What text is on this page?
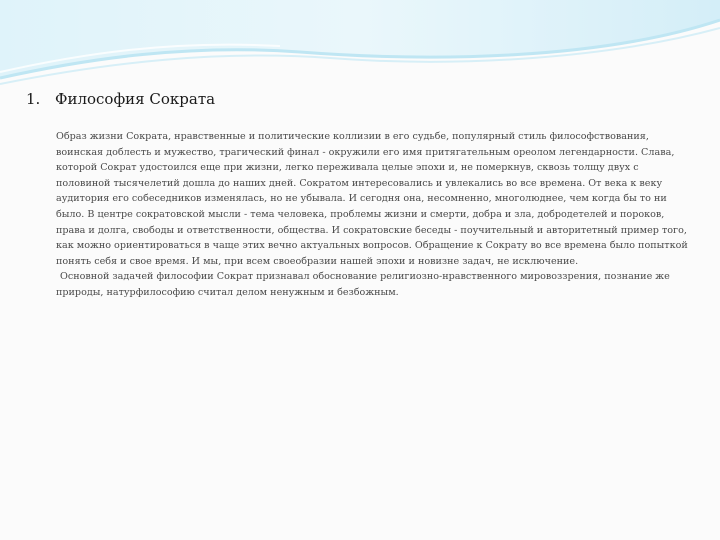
1. Философия Сократа

Образ жизни Сократа, нравственные и политические коллизии в его судьбе, популярный стиль философствования, воинская доблесть и мужество, трагический финал - окружили его имя притягательным ореолом легендарности. Слава, которой Сократ удостоился еще при жизни, легко переживала целые эпохи и, не померкнув, сквозь толщу двух с половиной тысячелетий дошла до наших дней. Сократом интересовались и увлекались во все времена. От века к веку аудитория его собеседников изменялась, но не убывала. И сегодня она, несомненно, многолюднее, чем когда бы то ни было. В центре сократовской мысли - тема человека, проблемы жизни и смерти, добра и зла, добродетелей и пороков, права и долга, свободы и ответственности, общества. И сократовские беседы - поучительный и авторитетный пример того, как можно ориентироваться в чаще этих вечно актуальных вопросов. Обращение к Сократу во все времена было попыткой понять себя и свое время. И мы, при всем своеобразии нашей эпохи и новизне задач, не исключение.

Основной задачей философии Сократ признавал обоснование религиозно-нравственного мировоззрения, познание же природы, натурфилософию считал делом ненужным и безбожным.
